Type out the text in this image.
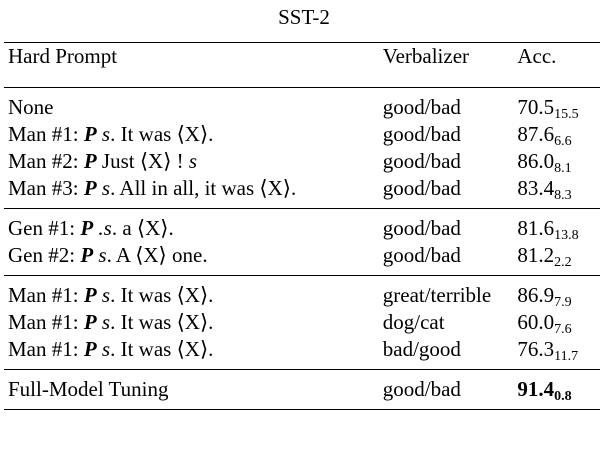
SST-2		
Hard Prompt	Verbalizer	Acc.
None	good/bad	$70.5_{15.5}$
Man #1: P s. It was ⟨X⟩.	good/bad	$87.6_{6.6}$
Man #2: P Just ⟨X⟩ ! s	good/bad	$86.0_{8.1}$
Man #3: P s. All in all, it was ⟨X⟩.	good/bad	$83.4_{8.3}$
Gen #1: P .s. a ⟨X⟩.	good/bad	$81.6_{13.8}$
Gen #2: P s. A ⟨X⟩ one.	good/bad	$81.2_{2.2}$
Man #1: P s. It was ⟨X⟩.	great/terrible	$86.9_{7.9}$
Man #1: P s. It was ⟨X⟩.	dog/cat	$60.0_{7.6}$
Man #1: P s. It was ⟨X⟩.	bad/good	$76.3_{11.7}$
Full-Model Tuning	good/bad	$91.4_{0.8}$
